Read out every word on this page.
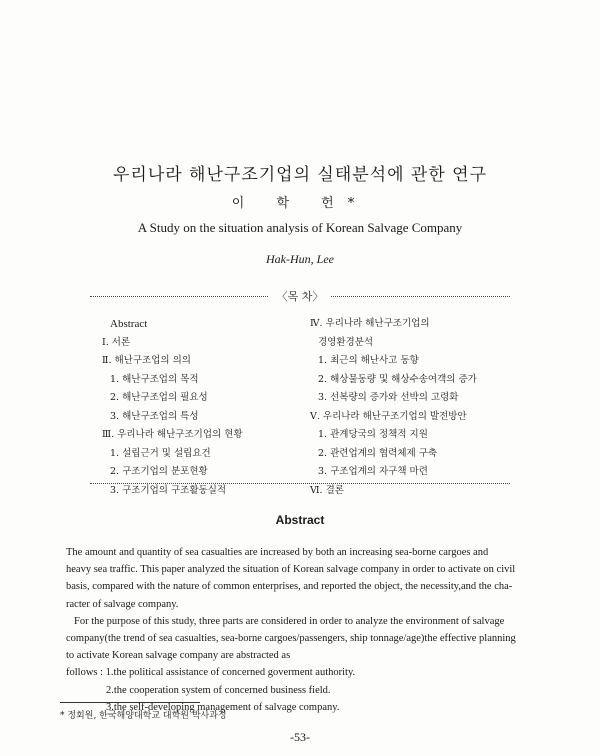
우리나라 해난구조기업의 실태분석에 관한 연구
이 학 헌*
A Study on the situation analysis of Korean Salvage Company
Hak-Hun, Lee
〈목 차〉
Abstract
Ⅰ. 서론
Ⅱ. 해난구조업의 의의
1. 해난구조업의 목적
2. 해난구조업의 필요성
3. 해난구조업의 특성
Ⅲ. 우리나라 해난구조기업의 현황
1. 설립근거 및 설립요건
2. 구조기업의 분포현황
3. 구조기업의 구조활동실적
Ⅳ. 우리나라 해난구조기업의
경영환경분석
1. 최근의 해난사고 동향
2. 해상물동량 및 해상수송여객의 증가
3. 선복량의 증가와 선박의 고령화
Ⅴ. 우리나라 해난구조기업의 발전방안
1. 관계당국의 정책적 지원
2. 관련업계의 협력체제 구축
3. 구조업계의 자구책 마련
Ⅵ. 결론
Abstract
The amount and quantity of sea casualties are increased by both an increasing sea-borne cargoes and
heavy sea traffic. This paper analyzed the situation of Korean salvage company in order to activate on civil
basis, compared with the nature of common enterprises, and reported the object, the necessity,and the cha-
racter of salvage company.
For the purpose of this study, three parts are considered in order to analyze the environment of salvage
company(the trend of sea casualties, sea-borne cargoes/passengers, ship tonnage/age)the effective planning
to activate Korean salvage company are abstracted as
follows : 1.the political assistance of concerned goverment authority.
2.the cooperation system of concerned business field.
3.the self-developing management of salvage company.
* 정회원, 한국해양대학교 대학원 박사과정
-53-
